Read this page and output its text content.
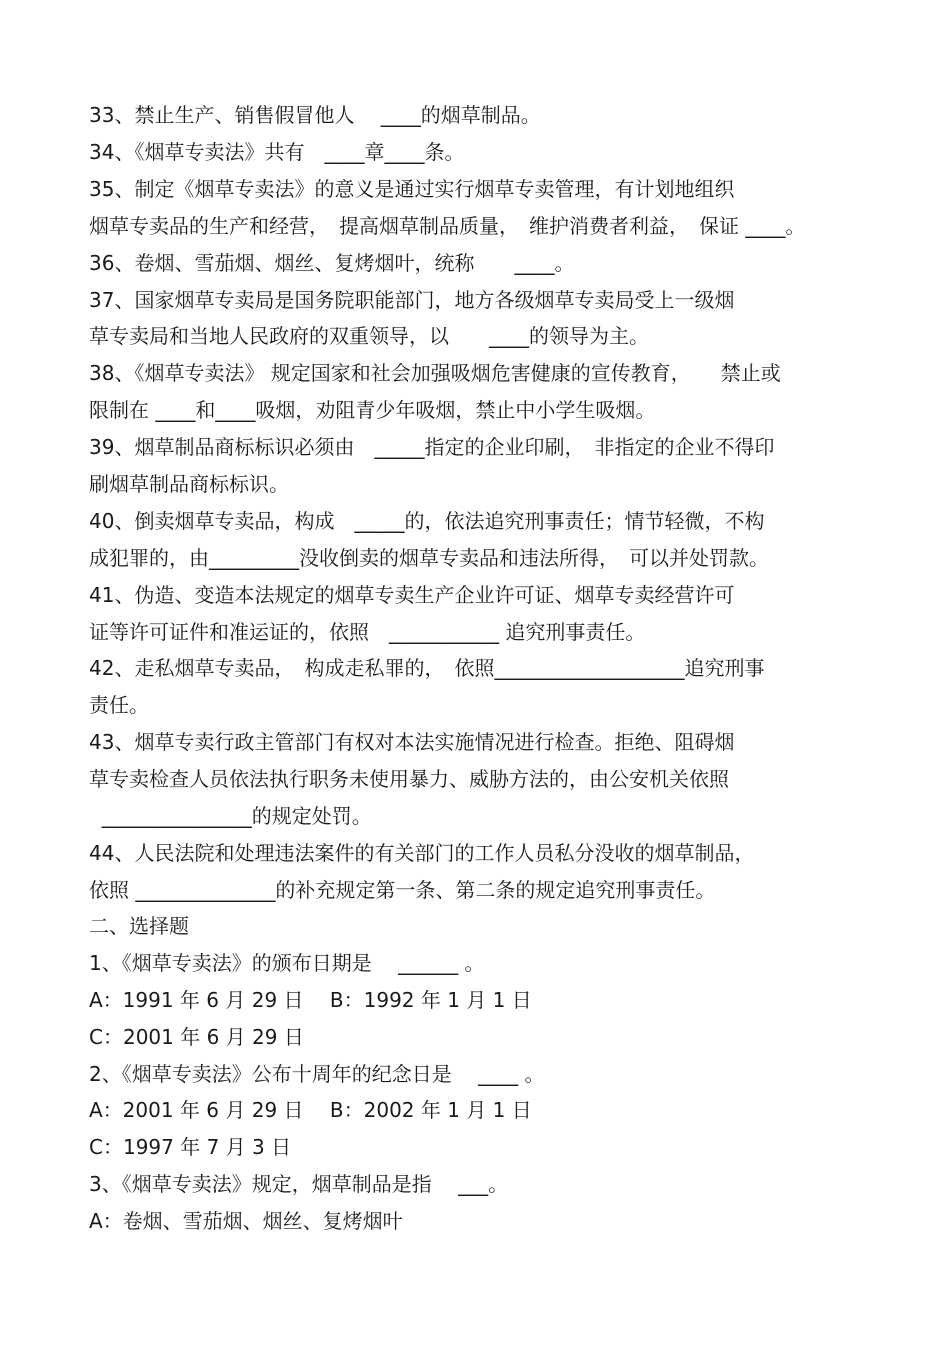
33、禁止生产、销售假冒他人　 ____的烟草制品。
34、《烟草专卖法》共有　____章____条。
35、制定《烟草专卖法》的意义是通过实行烟草专卖管理，有计划地组织
烟草专卖品的生产和经营，　提高烟草制品质量，　维护消费者利益，　保证 ____。
36、卷烟、雪茄烟、烟丝、复烤烟叶，统称　　____。
37、国家烟草专卖局是国务院职能部门，地方各级烟草专卖局受上一级烟
草专卖局和当地人民政府的双重领导，以　　____的领导为主。
38、《烟草专卖法》 规定国家和社会加强吸烟危害健康的宣传教育，　　禁止或
限制在 ____和____吸烟，劝阻青少年吸烟，禁止中小学生吸烟。
39、烟草制品商标标识必须由　_____指定的企业印刷，　非指定的企业不得印
刷烟草制品商标标识。
40、倒卖烟草专卖品，构成　_____的，依法追究刑事责任；情节轻微，不构
成犯罪的，由_________没收倒卖的烟草专卖品和违法所得，　可以并处罚款。
41、伪造、变造本法规定的烟草专卖生产企业许可证、烟草专卖经营许可
证等许可证件和准运证的，依照　___________ 追究刑事责任。
42、走私烟草专卖品，　构成走私罪的，　依照___________________追究刑事
责任。
43、烟草专卖行政主管部门有权对本法实施情况进行检查。拒绝、阻碍烟
草专卖检查人员依法执行职务未使用暴力、威胁方法的，由公安机关依照
_______________的规定处罚。
44、人民法院和处理违法案件的有关部门的工作人员私分没收的烟草制品，
依照 ______________的补充规定第一条、第二条的规定追究刑事责任。
二、选择题
1、《烟草专卖法》的颁布日期是　 ______ 。
A：1991 年 6 月 29 日　 B：1992 年 1 月 1 日
C：2001 年 6 月 29 日
2、《烟草专卖法》公布十周年的纪念日是　 ____ 。
A：2001 年 6 月 29 日　 B：2002 年 1 月 1 日
C：1997 年 7 月 3 日
3、《烟草专卖法》规定，烟草制品是指　 ___。
A：卷烟、雪茄烟、烟丝、复烤烟叶
